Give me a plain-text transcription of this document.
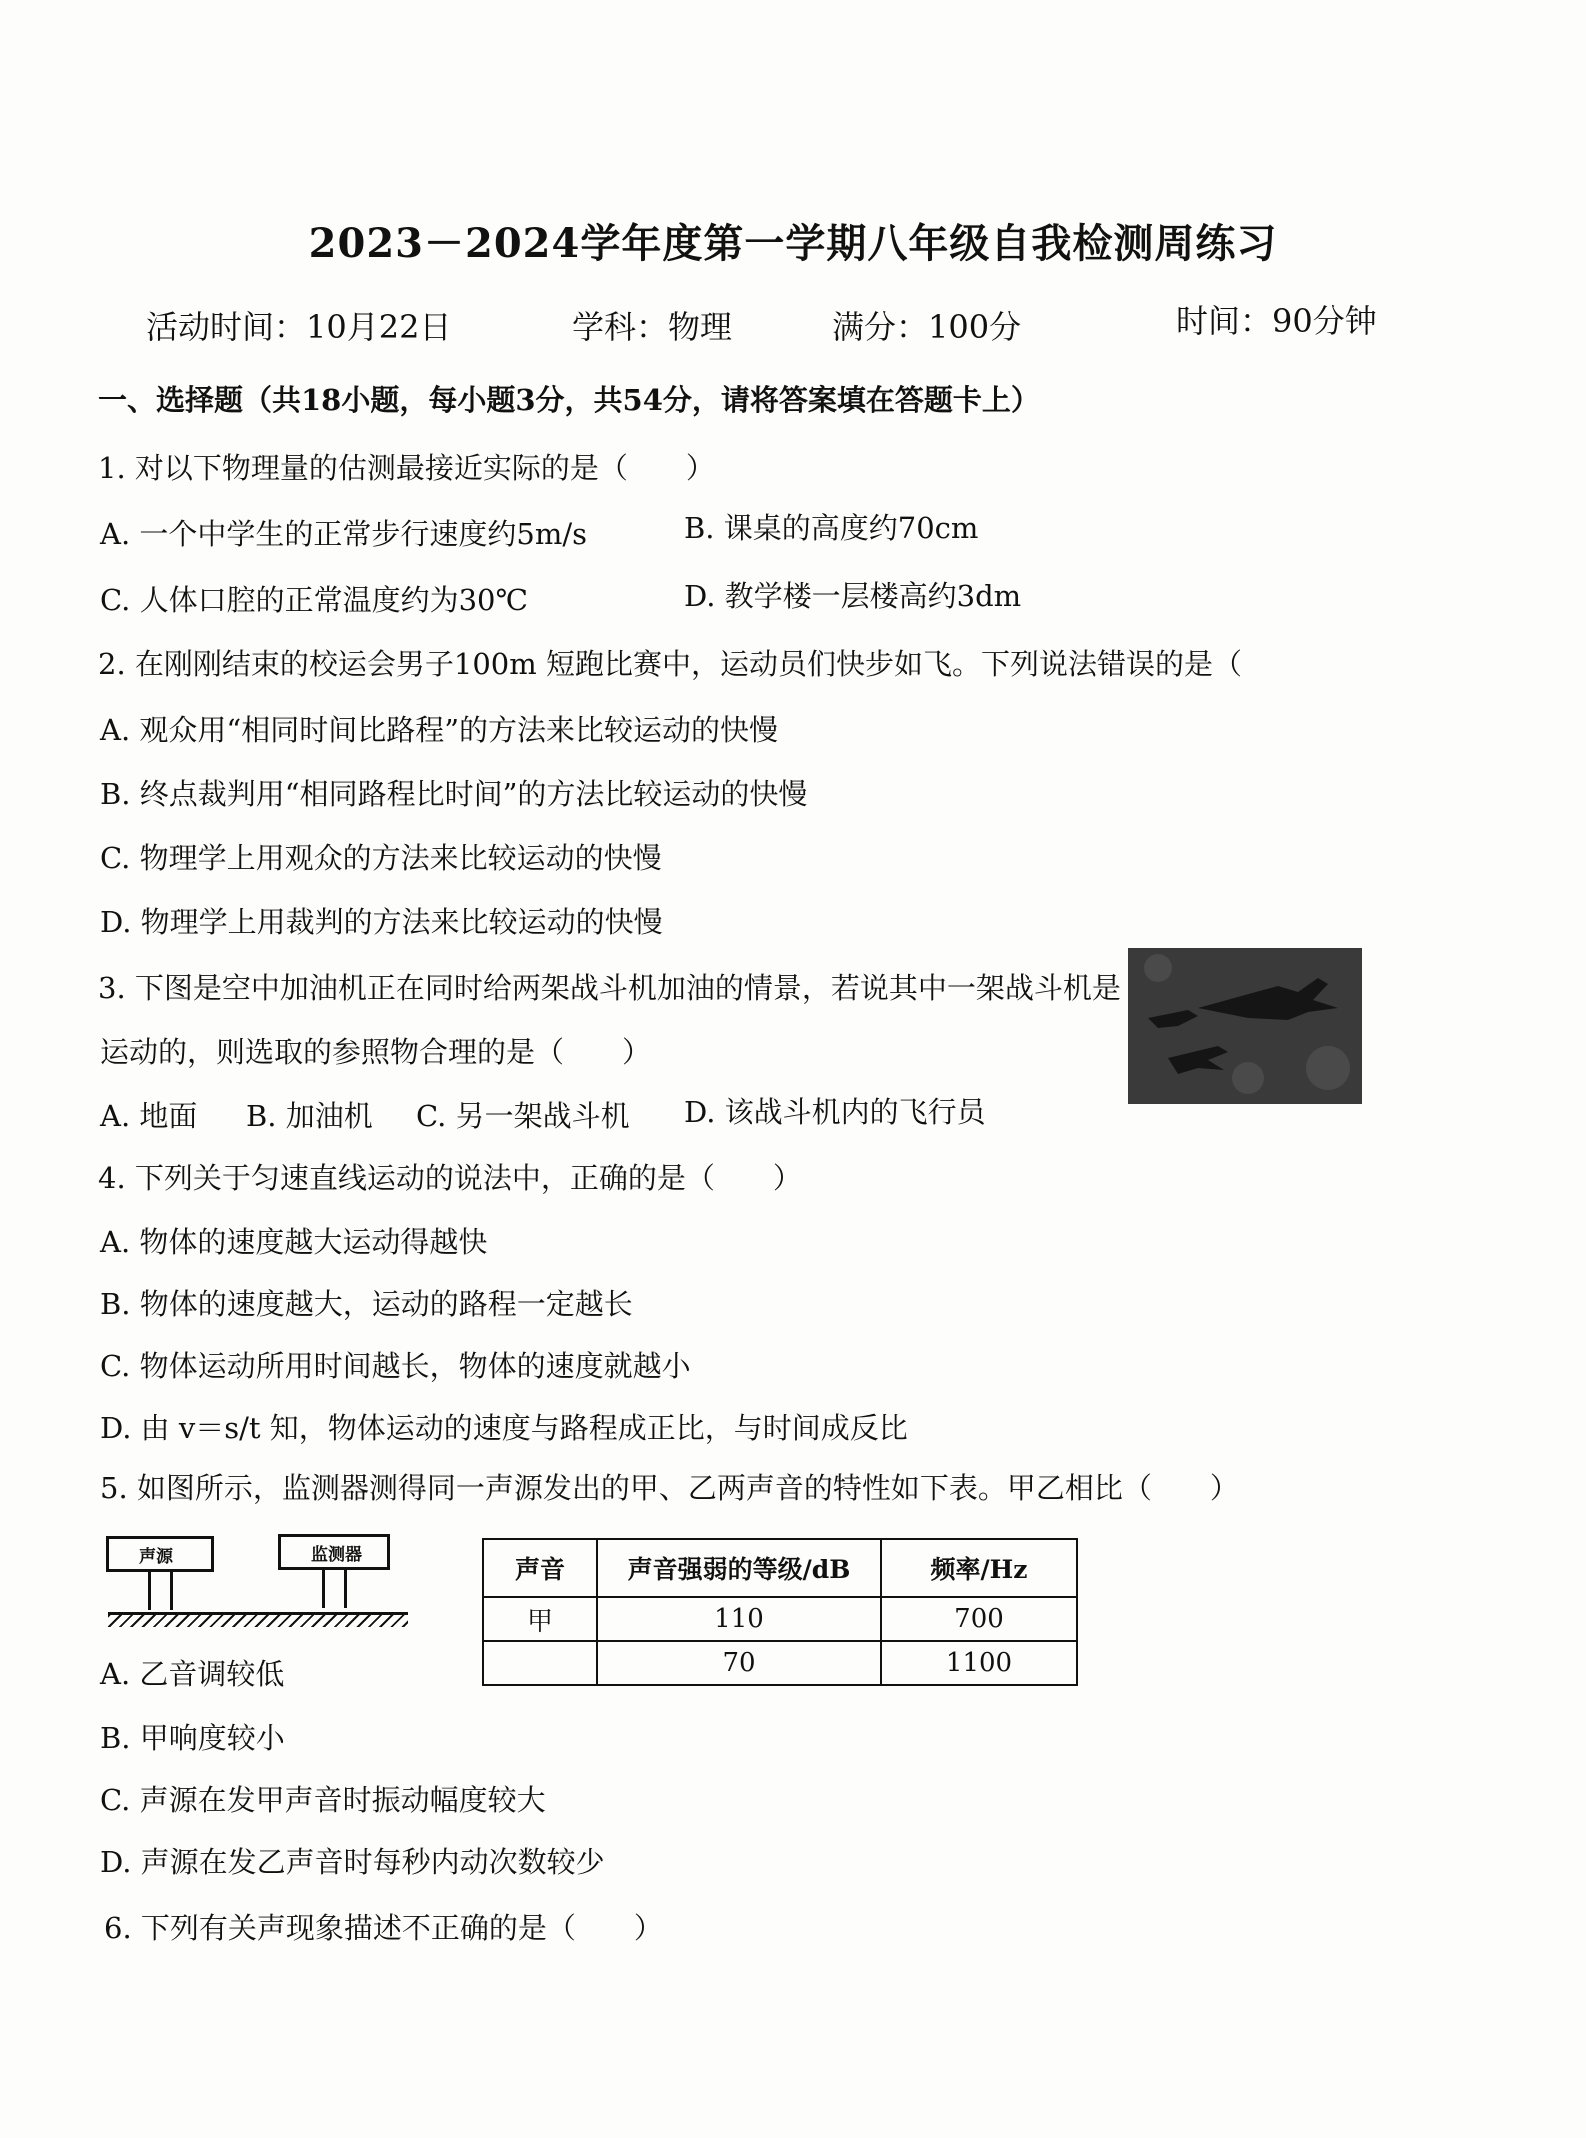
2023－2024学年度第一学期八年级自我检测周练习
活动时间：10月22日	学科：物理	满分：100分	时间：90分钟
一、选择题（共18小题，每小题3分，共54分，请将答案填在答题卡上）
1. 对以下物理量的估测最接近实际的是（　　）
A. 一个中学生的正常步行速度约5m/s	B. 课桌的高度约70cm
C. 人体口腔的正常温度约为30℃	D. 教学楼一层楼高约3dm
2. 在刚刚结束的校运会男子100m 短跑比赛中，运动员们快步如飞。下列说法错误的是（
A. 观众用“相同时间比路程”的方法来比较运动的快慢
B. 终点裁判用“相同路程比时间”的方法比较运动的快慢
C. 物理学上用观众的方法来比较运动的快慢
D. 物理学上用裁判的方法来比较运动的快慢
3. 下图是空中加油机正在同时给两架战斗机加油的情景，若说其中一架战斗机是
运动的，则选取的参照物合理的是（　　）
A. 地面 B. 加油机 C. 另一架战斗机 D. 该战斗机内的飞行员
4. 下列关于匀速直线运动的说法中，正确的是（　　）
A. 物体的速度越大运动得越快
B. 物体的速度越大，运动的路程一定越长
C. 物体运动所用时间越长，物体的速度就越小
D. 由 v＝s/t 知，物体运动的速度与路程成正比，与时间成反比
5. 如图所示，监测器测得同一声源发出的甲、乙两声音的特性如下表。甲乙相比（　　）
声源	监测器	声音	声音强弱的等级/dB	频率/Hz
甲	110	700
	70	1100
A. 乙音调较低
B. 甲响度较小
C. 声源在发甲声音时振动幅度较大
D. 声源在发乙声音时每秒内动次数较少
6. 下列有关声现象描述不正确的是（　　）
